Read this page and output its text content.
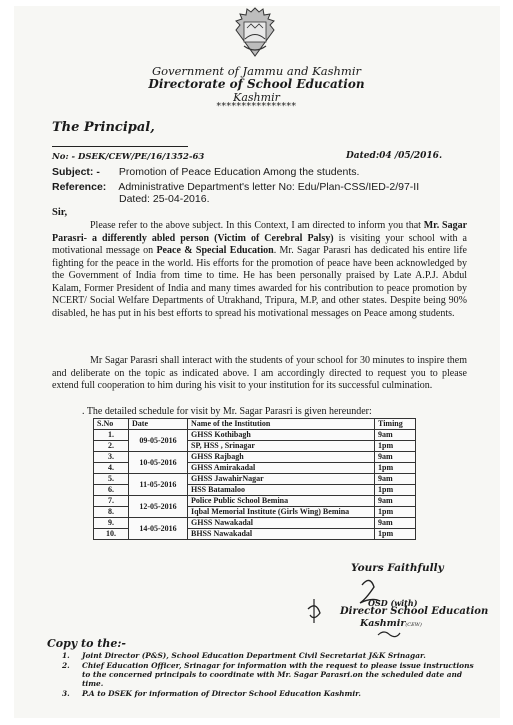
Government of Jammu and Kashmir
Directorate of School Education
Kashmir
****************
The Principal,
No: - DSEK/CEW/PE/16/1352-63	Dated:04 /05/2016.
Subject: - Promotion of Peace Education Among the students.
Reference: Administrative Department's letter No: Edu/Plan-CSS/IED-2/97-II
Dated: 25-04-2016.
Sir,
Please refer to the above subject. In this Context, I am directed to inform you that Mr. Sagar Parasri- a differently abled person (Victim of Cerebral Palsy) is visiting your school with a motivational message on Peace & Special Education. Mr. Sagar Parasri has dedicated his entire life fighting for the peace in the world. His efforts for the promotion of peace have been acknowledged by the Government of India from time to time. He has been personally praised by Late A.P.J. Abdul Kalam, Former President of India and many times awarded for his contribution to peace promotion by NCERT/ Social Welfare Departments of Utrakhand, Tripura, M.P, and other states. Despite being 90% disabled, he has put in his best efforts to spread his motivational messages on Peace among students.
Mr Sagar Parasri shall interact with the students of your school for 30 minutes to inspire them and deliberate on the topic as indicated above. I am accordingly directed to request you to please extend full cooperation to him during his visit to your institution for its successful culmination.
. The detailed schedule for visit by Mr. Sagar Parasri is given hereunder:
S.No	Date	Name of the Institution	Timing
1.	09-05-2016	GHSS Kothibagh	9am
2.		SP, HSS , Srinagar	1pm
3.	10-05-2016	GHSS Rajbagh	9am
4.		GHSS Amirakadal	1pm
5.	11-05-2016	GHSS JawahirNagar	9am
6.		HSS Batamaloo	1pm
7.	12-05-2016	Police Public School Bemina	9am
8.		Iqbal Memorial Institute (Girls Wing) Bemina	1pm
9.	14-05-2016	GHSS Nawakadal	9am
10.		BHSS Nawakadal	1pm
Yours Faithfully
OSD (with)
Director School Education
Kashmir(CEW)
Copy to the:-
1. Joint Director (P&S), School Education Department Civil Secretariat J&K Srinagar.
2. Chief Education Officer, Srinagar for information with the request to please issue instructions to the concerned principals to coordinate with Mr. Sagar Parasri.on the scheduled date and time.
3. P.A to DSEK for information of Director School Education Kashmir.
